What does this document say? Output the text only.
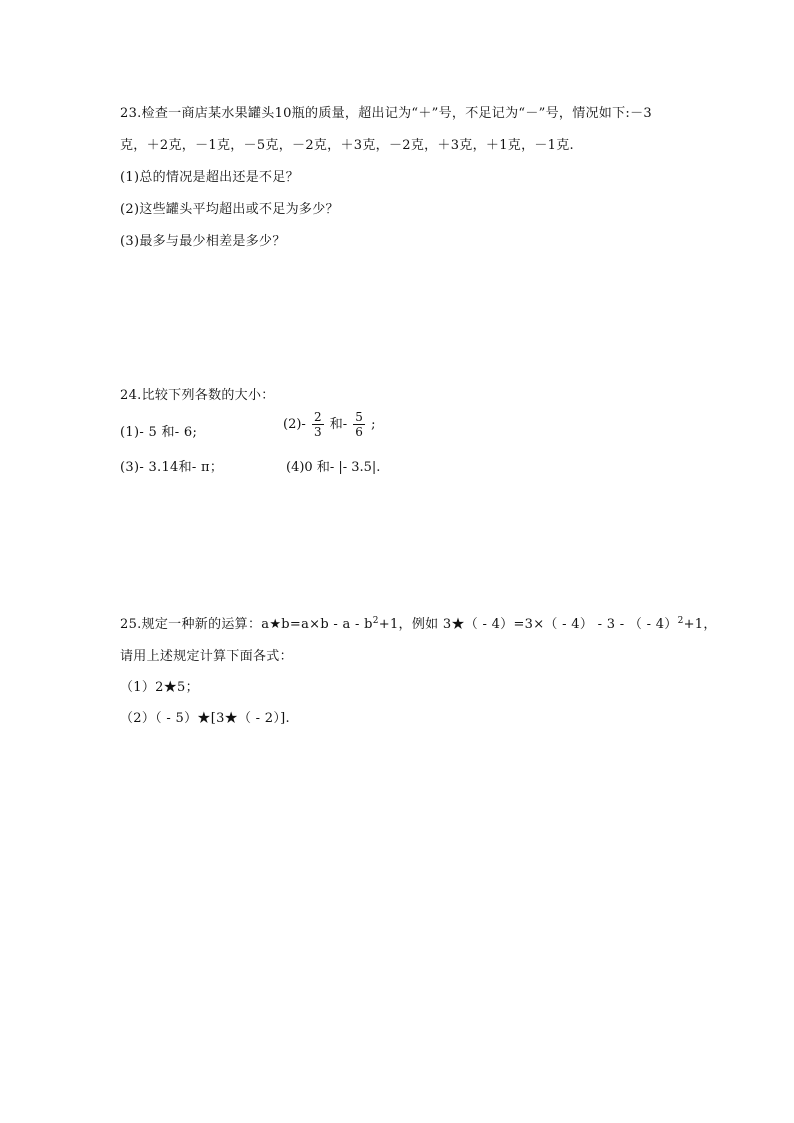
23.检查一商店某水果罐头10瓶的质量，超出记为“＋”号，不足记为“－”号，情况如下:－3
克，＋2克，－1克，－5克，－2克，＋3克，－2克，＋3克，＋1克，－1克.
(1)总的情况是超出还是不足？
(2)这些罐头平均超出或不足为多少？
(3)最多与最少相差是多少？
24.比较下列各数的大小：
(1)- 5 和- 6;
$(2)- \frac{2}{3}$ 和- $\frac{5}{6}$ ;
(3)- 3.14和- π；	(4)0 和- |- 3.5|.
25.规定一种新的运算：a★b=a×b - $a - b^2+1$，例如 3★（ - 4）=3×（ - 4） - 3 - （ - 4）$^2$+1，
请用上述规定计算下面各式：
（1）2★5；
（2）（ - 5）★[3★（ - 2）].
